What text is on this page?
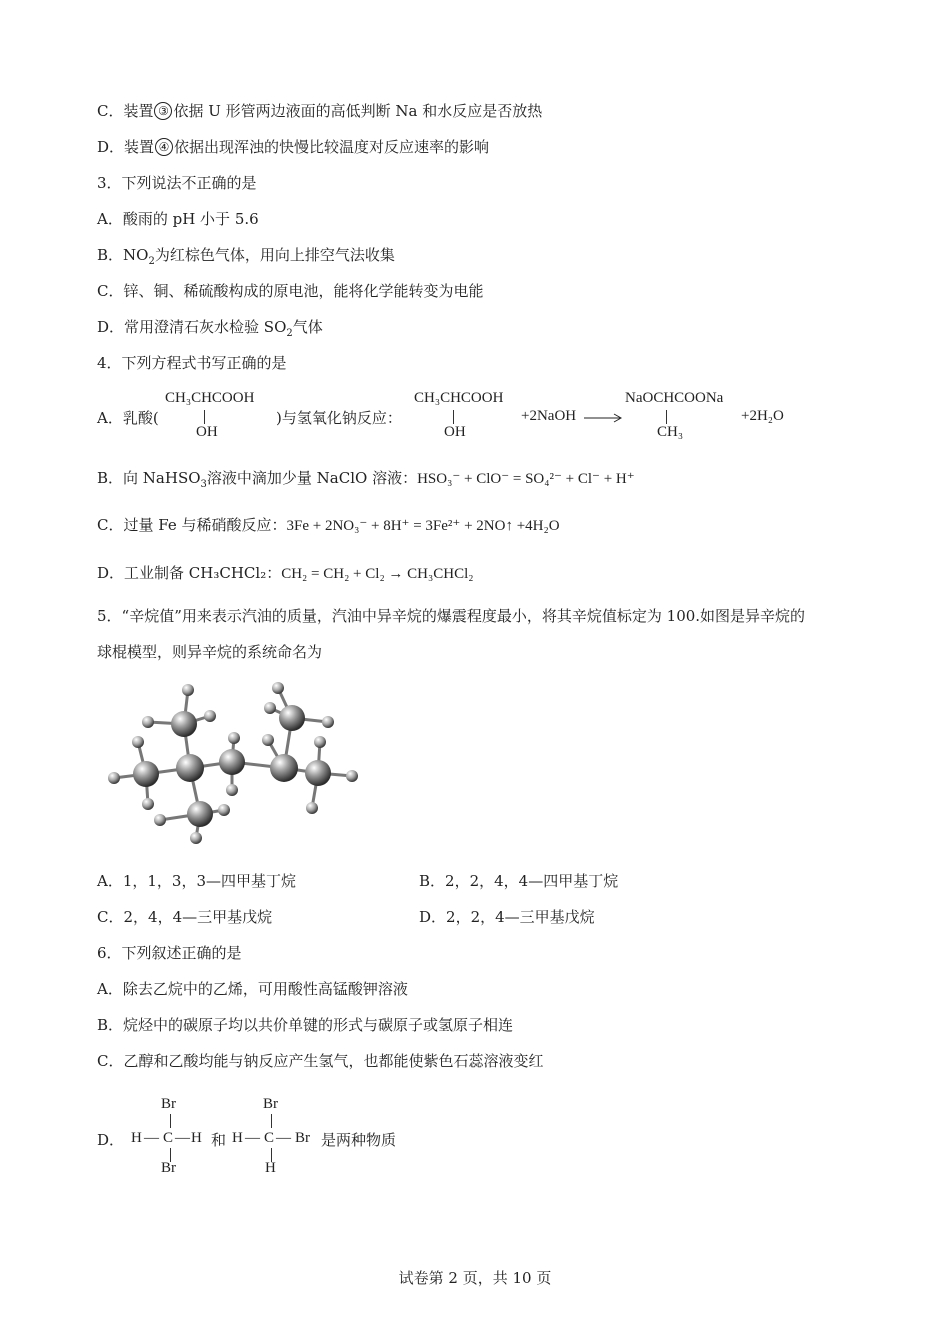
C．装置 ③ 依据 U 形管两边液面的高低判断 Na 和水反应是否放热
D．装置 ④ 依据出现浑浊的快慢比较温度对反应速率的影响
3．下列说法不正确的是
A．酸雨的 pH 小于 5.6
B．$NO_2$为红棕色气体，用向上排空气法收集
C．锌、铜、稀硫酸构成的原电池，能将化学能转变为电能
D．常用澄清石灰水检验 $SO_2$气体
4．下列方程式书写正确的是
A．乳酸(
CH₃CHCOOH
OH
)与氢氧化钠反应：
CH₃CHCOOH
OH
+2NaOH →
NaOCHCOONa
CH₃
+2H₂O
B．向 NaHSO$_3$溶液中滴加少量 NaClO 溶液：HSO₃⁻ + ClO⁻ = SO₄²⁻ + Cl⁻ + H⁺
C．过量 Fe 与稀硝酸反应：3Fe + 2NO₃⁻ + 8H⁺ = 3Fe²⁺ + 2NO↑ +4H₂O
D．工业制备 CH₃CHCl₂：CH₂ = CH₂ + Cl₂ → CH₃CHCl₂
5．“辛烷值”用来表示汽油的质量，汽油中异辛烷的爆震程度最小，将其辛烷值标定为 100.如图是异辛烷的
球棍模型，则异辛烷的系统命名为
A．1，1，3，3—四甲基丁烷	B．2，2，4，4—四甲基丁烷
C．2，4，4—三甲基戊烷	D．2，2，4—三甲基戊烷
6．下列叙述正确的是
A．除去乙烷中的乙烯，可用酸性高锰酸钾溶液
B．烷烃中的碳原子均以共价单键的形式与碳原子或氢原子相连
C．乙醇和乙酸均能与钠反应产生氢气，也都能使紫色石蕊溶液变红
D．
Br
H — C — H
Br
和
Br
H — C — Br
H
是两种物质
试卷第 2 页，共 10 页
